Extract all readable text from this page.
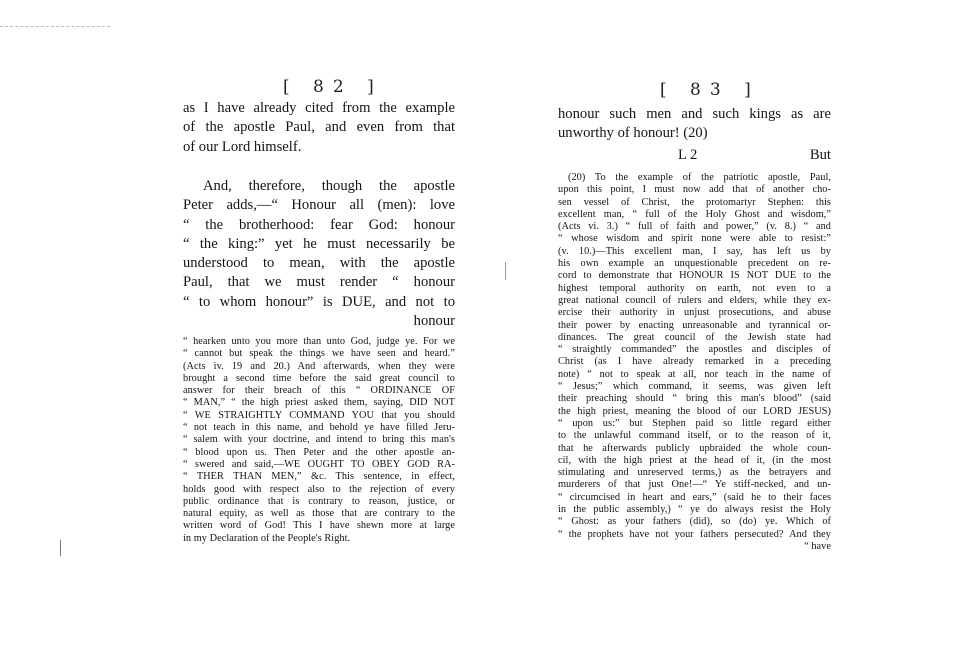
[ 82 ]
as I have already cited from the example
of the apostle Paul, and even from that
of our Lord himself.
And, therefore, though the apostle
Peter adds,—“ Honour all (men): love
“ the brotherhood: fear God: honour
“ the king:” yet he must necessarily be
understood to mean, with the apostle
Paul, that we must render “ honour
“ to whom honour” is DUE, and not to
honour
“ hearken unto you more than unto God, judge ye. For we
“ cannot but speak the things we have seen and heard.”
(Acts iv. 19 and 20.) And afterwards, when they were
brought a second time before the said great council to
answer for their breach of this “ ORDINANCE OF
“ MAN,” “ the high priest asked them, saying, DID NOT
“ WE STRAIGHTLY COMMAND YOU that you should
“ not teach in this name, and behold ye have filled Jeru-
“ salem with your doctrine, and intend to bring this man's
“ blood upon us. Then Peter and the other apostle an-
“ swered and said,—WE OUGHT TO OBEY GOD RA-
“ THER THAN MEN,” &c. This sentence, in effect,
holds good with respect also to the rejection of every
public ordinance that is contrary to reason, justice, or
natural equity, as well as those that are contrary to the
written word of God! This I have shewn more at large
in my Declaration of the People's Right.
[ 83 ]
honour such men and such kings as are
unworthy of honour! (20)
L 2	But
(20) To the example of the patriotic apostle, Paul,
upon this point, I must now add that of another cho-
sen vessel of Christ, the protomartyr Stephen: this
excellent man, “ full of the Holy Ghost and wisdom,”
(Acts vi. 3.) “ full of faith and power,” (v. 8.) “ and
“ whose wisdom and spirit none were able to resist:”
(v. 10.)—This excellent man, I say, has left us by
his own example an unquestionable precedent on re-
cord to demonstrate that HONOUR IS NOT DUE to the
highest temporal authority on earth, not even to a
great national council of rulers and elders, while they ex-
ercise their authority in unjust prosecutions, and abuse
their power by enacting unreasonable and tyrannical or-
dinances. The great council of the Jewish state had
“ straightly commanded” the apostles and disciples of
Christ (as I have already remarked in a preceding
note) “ not to speak at all, nor teach in the name of
“ Jesus;” which command, it seems, was given left
their preaching should “ bring this man's blood” (said
the high priest, meaning the blood of our LORD JESUS)
“ upon us:” but Stephen paid so little regard either
to the unlawful command itself, or to the reason of it,
that he afterwards publicly upbraided the whole coun-
cil, with the high priest at the head of it, (in the most
stimulating and unreserved terms,) as the betrayers and
murderers of that just One!—“ Ye stiff-necked, and un-
“ circumcised in heart and ears,” (said he to their faces
in the public assembly,) “ ye do always resist the Holy
“ Ghost: as your fathers (did), so (do) ye. Which of
“ the prophets have not your fathers persecuted? And they
“ have
